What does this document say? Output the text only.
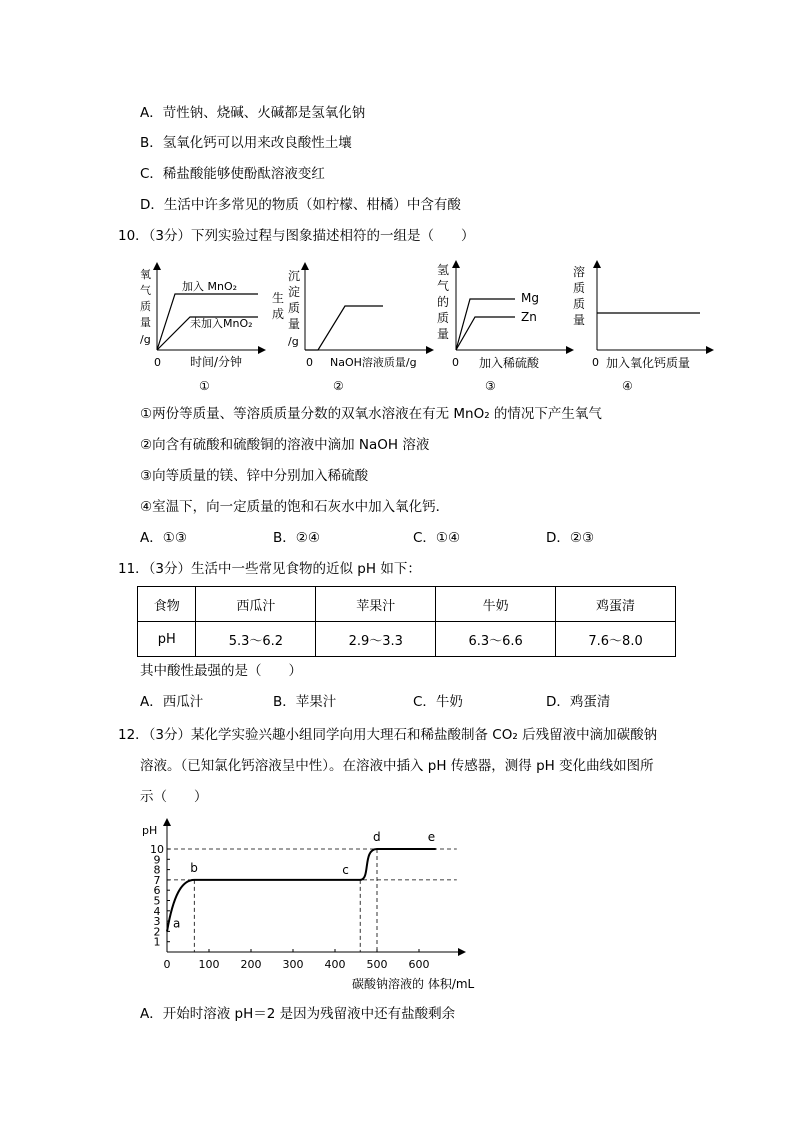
A．苛性钠、烧碱、火碱都是氢氧化钠
B．氢氧化钙可以用来改良酸性土壤
C．稀盐酸能够使酚酞溶液变红
D．生活中许多常见的物质（如柠檬、柑橘）中含有酸
10．（3分）下列实验过程与图象描述相符的一组是（　　）
氧
气
质
量
/g
加入 MnO₂
未加入MnO₂
0 时间/分钟
①
沉
淀
质
量
/g
生
成
0 NaOH溶液质量/g
②
氢
气
的
质
量
Mg
Zn
0 加入稀硫酸
③
溶
质
质
量
0 加入氧化钙质量
④
①两份等质量、等溶质质量分数的双氧水溶液在有无 MnO₂ 的情况下产生氧气
②向含有硫酸和硫酸铜的溶液中滴加 NaOH 溶液
③向等质量的镁、锌中分别加入稀硫酸
④室温下，向一定质量的饱和石灰水中加入氧化钙．
A．①③	B．②④	C．①④	D．②③
11．（3分）生活中一些常见食物的近似 pH 如下：
食物	西瓜汁	苹果汁	牛奶	鸡蛋清
pH	5.3～6.2	2.9～3.3	6.3～6.6	7.6～8.0
其中酸性最强的是（　　）
A．西瓜汁	B．苹果汁	C．牛奶	D．鸡蛋清
12．（3分）某化学实验兴趣小组同学向用大理石和稀盐酸制备 CO₂ 后残留液中滴加碳酸钠
溶液。（已知氯化钙溶液呈中性）。在溶液中插入 pH 传感器，测得 pH 变化曲线如图所
示（　　）
pH
碳酸钠溶液的 体积/mL
1
2
3
4
5
6
7
8
9
10
0	100 200 300 400 500 600
a
b	c
d	e
A．开始时溶液 pH＝2 是因为残留液中还有盐酸剩余
